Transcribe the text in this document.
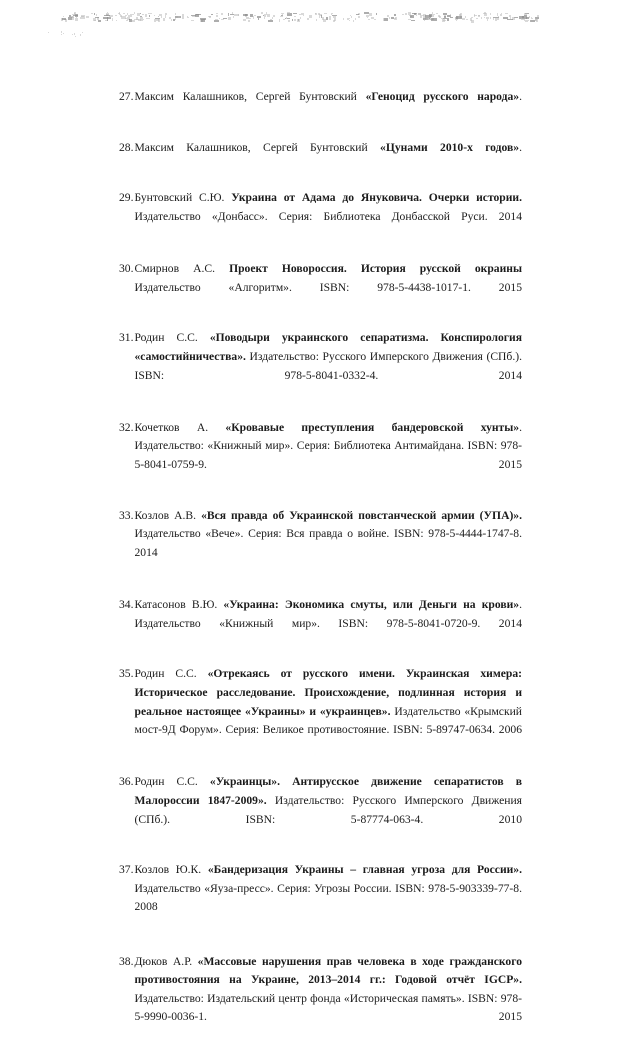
27. Максим Калашников, Сергей Бунтовский «Геноцид русского народа».
28. Максим Калашников, Сергей Бунтовский «Цунами 2010-х годов».
29. Бунтовский С.Ю. Украина от Адама до Януковича. Очерки истории. Издательство «Донбасс». Серия: Библиотека Донбасской Руси. 2014
30. Смирнов А.С. Проект Новороссия. История русской окраины Издательство «Алгоритм». ISBN: 978-5-4438-1017-1. 2015
31. Родин С.С. «Поводыри украинского сепаратизма. Конспирология «самостийничества». Издательство: Русского Имперского Движения (СПб.). ISBN: 978-5-8041-0332-4. 2014
32. Кочетков А. «Кровавые преступления бандеровской хунты». Издательство: «Книжный мир». Серия: Библиотека Антимайдана. ISBN: 978-5-8041-0759-9. 2015
33. Козлов А.В. «Вся правда об Украинской повстанческой армии (УПА)». Издательство «Вече». Серия: Вся правда о войне. ISBN: 978-5-4444-1747-8. 2014
34. Катасонов В.Ю. «Украина: Экономика смуты, или Деньги на крови». Издательство «Книжный мир». ISBN: 978-5-8041-0720-9. 2014
35. Родин С.С. «Отрекаясь от русского имени. Украинская химера: Историческое расследование. Происхождение, подлинная история и реальное настоящее «Украины» и «украинцев». Издательство «Крымский мост-9Д Форум». Серия: Великое противостояние. ISBN: 5-89747-0634. 2006
36. Родин С.С. «Украинцы». Антирусское движение сепаратистов в Малороссии 1847-2009». Издательство: Русского Имперского Движения (СПб.). ISBN: 5-87774-063-4. 2010
37. Козлов Ю.К. «Бандеризация Украины – главная угроза для России». Издательство «Яуза-пресс». Серия: Угрозы России. ISBN: 978-5-903339-77-8. 2008
38. Дюков А.Р. «Массовые нарушения прав человека в ходе гражданского противостояния на Украине, 2013–2014 гг.: Годовой отчёт IGCP». Издательство: Издательский центр фонда «Историческая память». ISBN: 978-5-9990-0036-1. 2015
